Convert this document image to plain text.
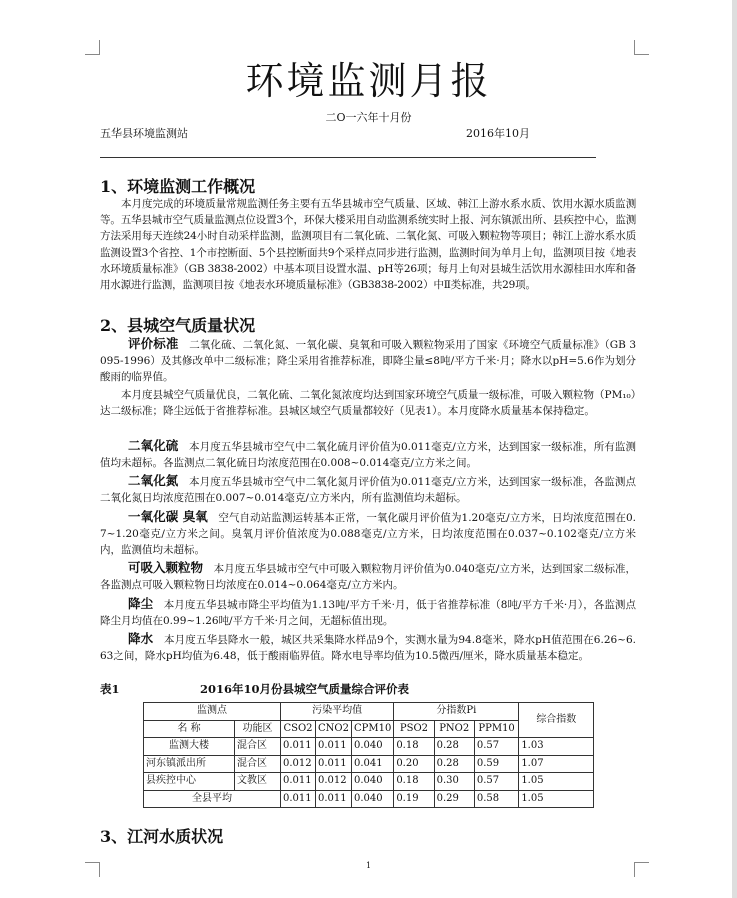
环境监测月报
二O一六年十月份
五华县环境监测站	2016年10月
1、环境监测工作概况
本月度完成的环境质量常规监测任务主要有五华县城市空气质量、区域、韩江上游水系水质、饮用水源水质监测等。五华县城市空气质量监测点位设置3个，环保大楼采用自动监测系统实时上报、河东镇派出所、县疾控中心，监测方法采用每天连续24小时自动采样监测，监测项目有二氧化硫、二氧化氮、可吸入颗粒物等项目；韩江上游水系水质监测设置3个省控、1个市控断面、5个县控断面共9个采样点同步进行监测，监测时间为单月上旬，监测项目按《地表水环境质量标准》（GB 3838-2002）中基本项目设置水温、pH等26项；每月上旬对县城生活饮用水源桂田水库和备用水源进行监测，监测项目按《地表水环境质量标准》（GB3838-2002）中Ⅱ类标准，共29项。
2、县城空气质量状况
评价标准　 二氧化硫、二氧化氮、一氧化碳、臭氧和可吸入颗粒物采用了国家《环境空气质量标准》（GB 3095-1996）及其修改单中二级标准；降尘采用省推荐标准，即降尘量≤8吨/平方千米·月；降水以pH=5.6作为划分酸雨的临界值。
本月度县城空气质量优良，二氧化硫、二氧化氮浓度均达到国家环境空气质量一级标准，可吸入颗粒物（PM₁₀）达二级标准；降尘远低于省推荐标准。县城区域空气质量都较好（见表1）。本月度降水质量基本保持稳定。
二氧化硫　 本月度五华县城市空气中二氧化硫月评价值为0.011毫克/立方米，达到国家一级标准，所有监测值均未超标。各监测点二氧化硫日均浓度范围在0.008~0.014毫克/立方米之间。
二氧化氮　 本月度五华县城市空气中二氧化氮月评价值为0.011毫克/立方米，达到国家一级标准，各监测点二氧化氮日均浓度范围在0.007~0.014毫克/立方米内，所有监测值均未超标。
一氧化碳 臭氧　 空气自动站监测运转基本正常，一氧化碳月评价值为1.20毫克/立方米，日均浓度范围在0.7~1.20毫克/立方米之间。臭氧月评价值浓度为0.088毫克/立方米，日均浓度范围在0.037~0.102毫克/立方米内，监测值均未超标。
可吸入颗粒物　 本月度五华县城市空气中可吸入颗粒物月评价值为0.040毫克/立方米，达到国家二级标准，各监测点可吸入颗粒物日均浓度在0.014~0.064毫克/立方米内。
降尘　 本月度五华县城市降尘平均值为1.13吨/平方千米·月，低于省推荐标准（8吨/平方千米·月），各监测点降尘月均值在0.99~1.26吨/平方千米·月之间，无超标值出现。
降水　 本月度五华县降水一般，城区共采集降水样品9个，实测水量为94.8毫米，降水pH值范围在6.26~6.63之间，降水pH均值为6.48，低于酸雨临界值。降水电导率均值为10.5微西/厘米，降水质量基本稳定。
表1	2016年10月份县城空气质量综合评价表
监测点		污染平均值			分指数Pi			综合指数
名 称	功能区	CSO2	CNO2	CPM10	PSO2	PNO2	PPM10	
监测大楼	混合区	0.011	0.011	0.040	0.18	0.28	0.57	1.03
河东镇派出所	混合区	0.012	0.011	0.041	0.20	0.28	0.59	1.07
县疾控中心	文教区	0.011	0.012	0.040	0.18	0.30	0.57	1.05
全县平均		0.011	0.011	0.040	0.19	0.29	0.58	1.05
3、江河水质状况
1
